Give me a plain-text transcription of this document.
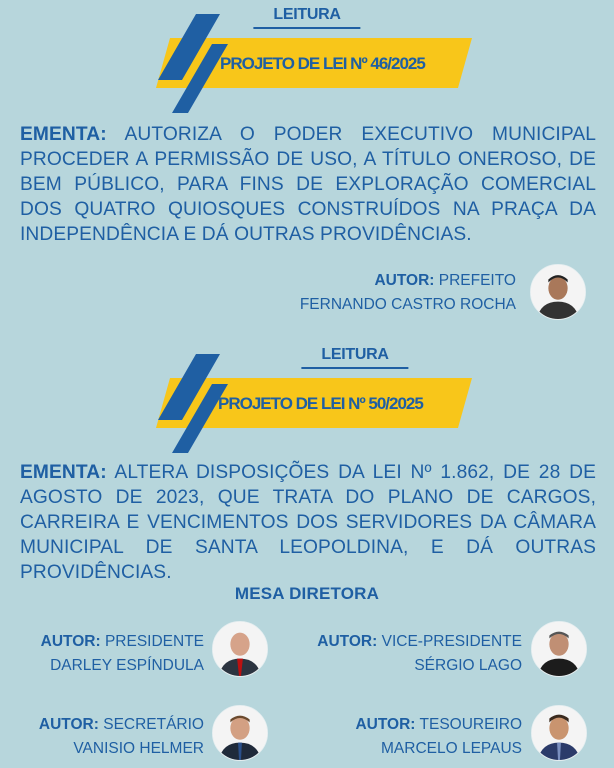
LEITURA
PROJETO DE LEI Nº 46/2025
EMENTA: AUTORIZA O PODER EXECUTIVO MUNICIPAL PROCEDER A PERMISSÃO DE USO, A TÍTULO ONEROSO, DE BEM PÚBLICO, PARA FINS DE EXPLORAÇÃO COMERCIAL DOS QUATRO QUIOSQUES CONSTRUÍDOS NA PRAÇA DA INDEPENDÊNCIA E DÁ OUTRAS PROVIDÊNCIAS.
AUTOR: PREFEITO
FERNANDO CASTRO ROCHA
LEITURA
PROJETO DE LEI Nº 50/2025
EMENTA: ALTERA DISPOSIÇÕES DA LEI Nº 1.862, DE 28 DE AGOSTO DE 2023, QUE TRATA DO PLANO DE CARGOS, CARREIRA E VENCIMENTOS DOS SERVIDORES DA CÂMARA MUNICIPAL DE SANTA LEOPOLDINA, E DÁ OUTRAS PROVIDÊNCIAS.
MESA DIRETORA
AUTOR: PRESIDENTE
DARLEY ESPÍNDULA
AUTOR: VICE-PRESIDENTE
SÉRGIO LAGO
AUTOR: SECRETÁRIO
VANISIO HELMER
AUTOR: TESOUREIRO
MARCELO LEPAUS
